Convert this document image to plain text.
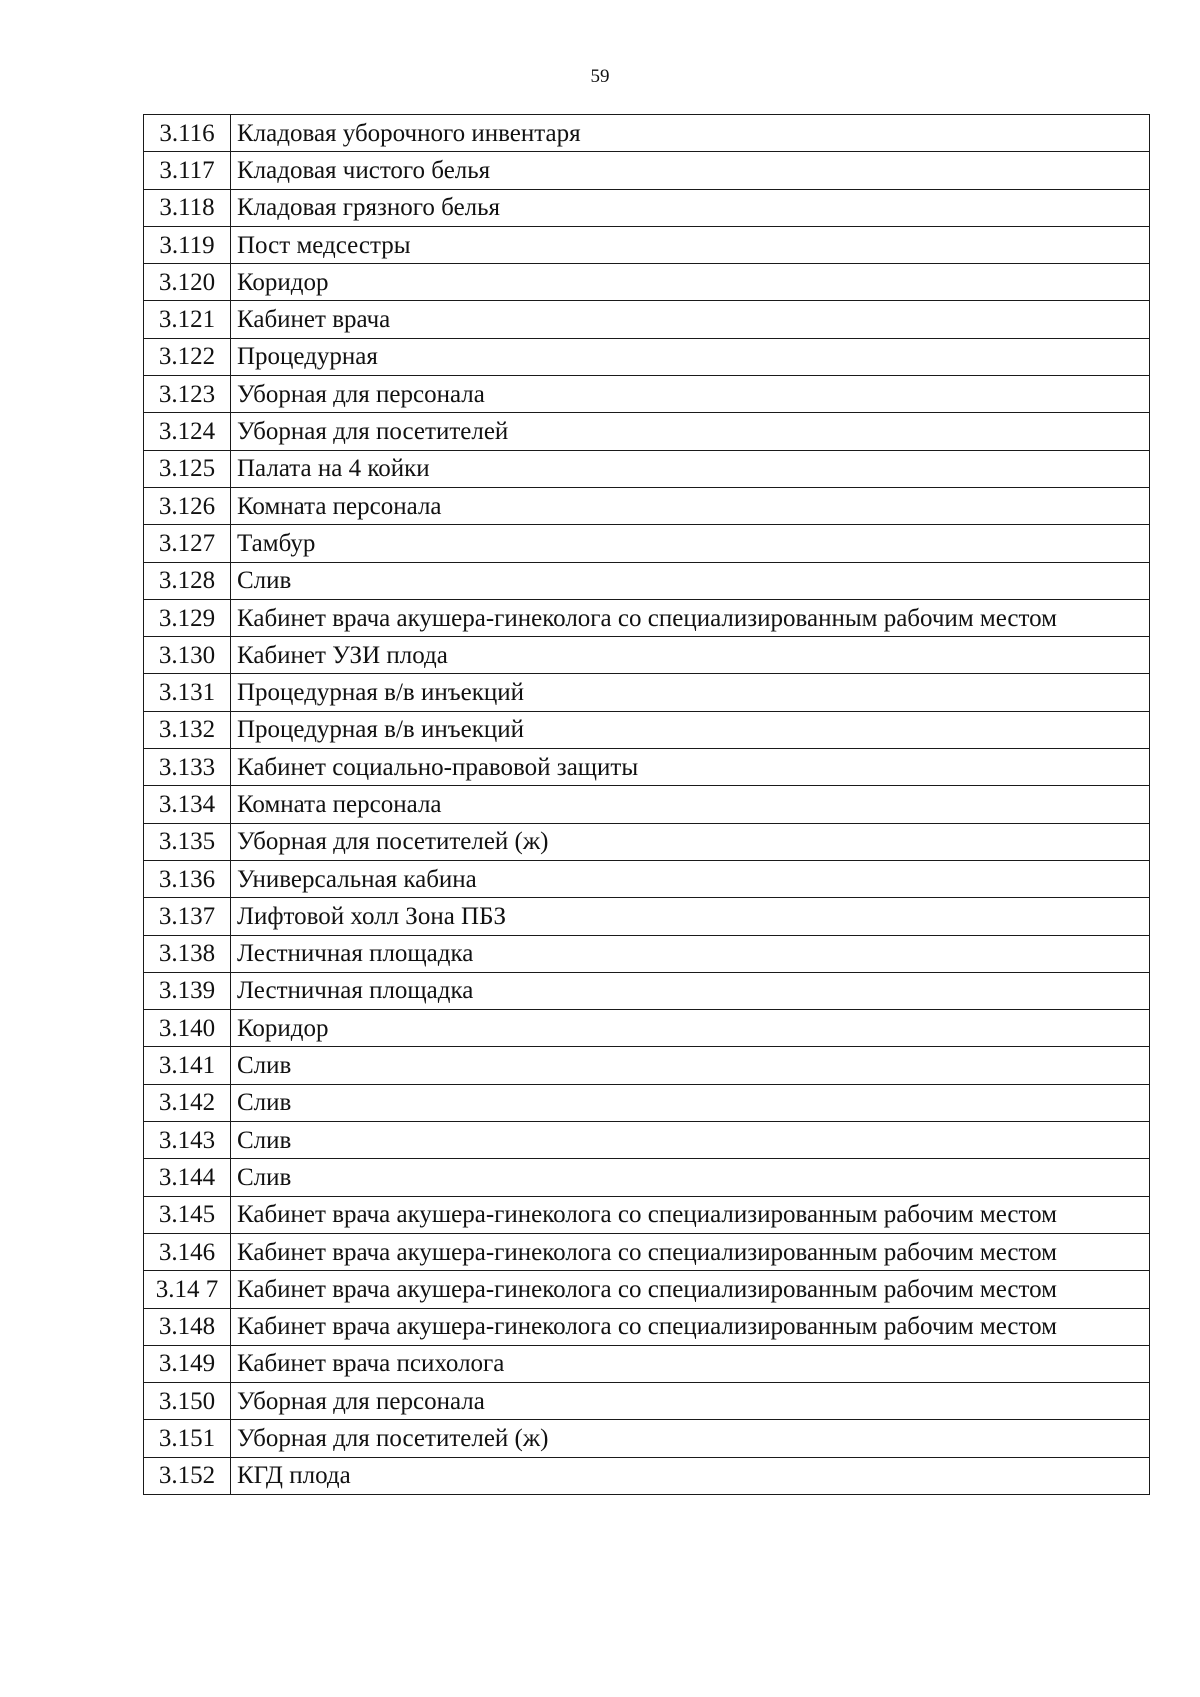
59
3.116	Кладовая уборочного инвентаря
3.117	Кладовая чистого белья
3.118	Кладовая грязного белья
3.119	Пост медсестры
3.120	Коридор
3.121	Кабинет врача
3.122	Процедурная
3.123	Уборная для персонала
3.124	Уборная для посетителей
3.125	Палата на 4 койки
3.126	Комната персонала
3.127	Тамбур
3.128	Слив
3.129	Кабинет врача акушера-гинеколога со специализированным рабочим местом
3.130	Кабинет УЗИ плода
3.131	Процедурная в/в инъекций
3.132	Процедурная в/в инъекций
3.133	Кабинет социально-правовой защиты
3.134	Комната персонала
3.135	Уборная для посетителей (ж)
3.136	Универсальная кабина
3.137	Лифтовой холл Зона ПБЗ
3.138	Лестничная площадка
3.139	Лестничная площадка
3.140	Коридор
3.141	Слив
3.142	Слив
3.143	Слив
3.144	Слив
3.145	Кабинет врача акушера-гинеколога со специализированным рабочим местом
3.146	Кабинет врача акушера-гинеколога со специализированным рабочим местом
3.14 7	Кабинет врача акушера-гинеколога со специализированным рабочим местом
3.148	Кабинет врача акушера-гинеколога со специализированным рабочим местом
3.149	Кабинет врача психолога
3.150	Уборная для персонала
3.151	Уборная для посетителей (ж)
3.152	КГД плода
